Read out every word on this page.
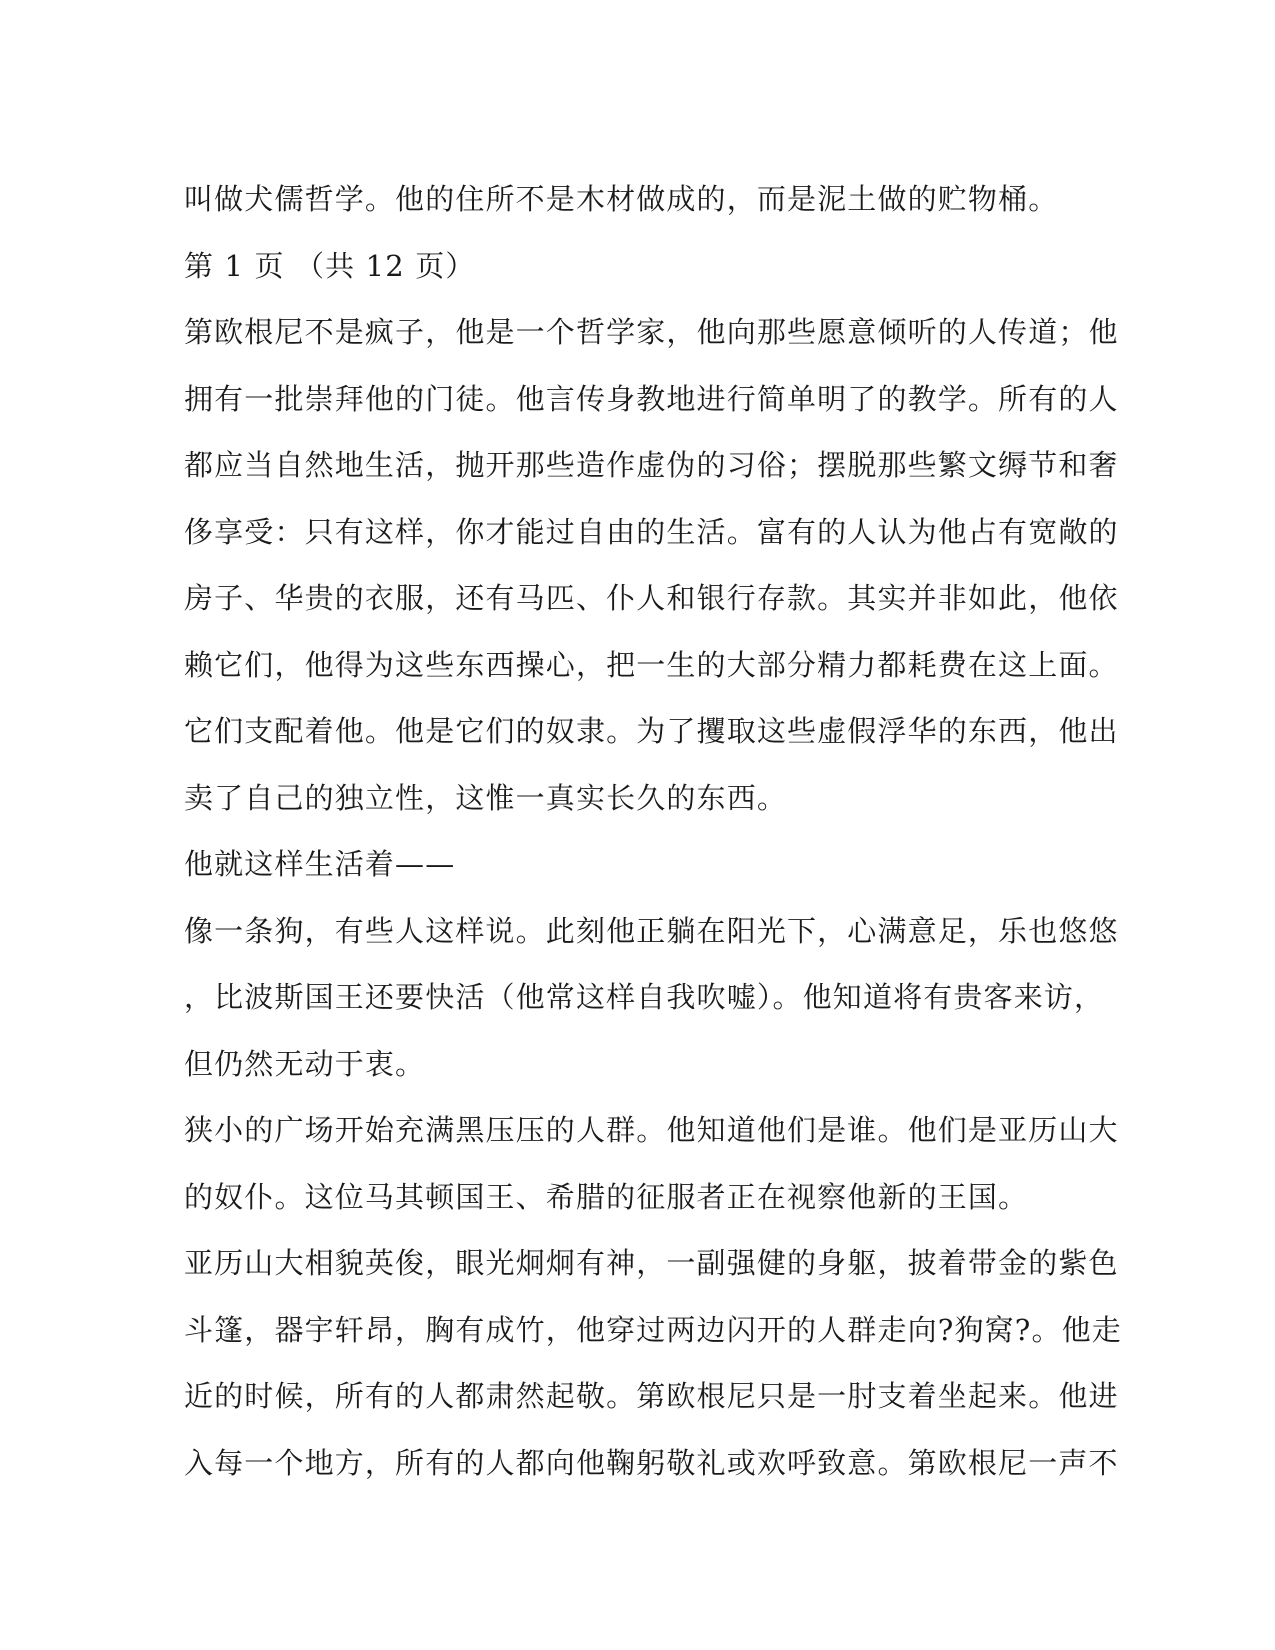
叫做犬儒哲学。他的住所不是木材做成的，而是泥土做的贮物桶。
第 1 页 （共 12 页）
第欧根尼不是疯子，他是一个哲学家，他向那些愿意倾听的人传道；他
拥有一批崇拜他的门徒。他言传身教地进行简单明了的教学。所有的人
都应当自然地生活，抛开那些造作虚伪的习俗；摆脱那些繁文缛节和奢
侈享受：只有这样，你才能过自由的生活。富有的人认为他占有宽敞的
房子、华贵的衣服，还有马匹、仆人和银行存款。其实并非如此，他依
赖它们，他得为这些东西操心，把一生的大部分精力都耗费在这上面。
它们支配着他。他是它们的奴隶。为了攫取这些虚假浮华的东西，他出
卖了自己的独立性，这惟一真实长久的东西。
他就这样生活着——
像一条狗，有些人这样说。此刻他正躺在阳光下，心满意足，乐也悠悠
，比波斯国王还要快活（他常这样自我吹嘘）。他知道将有贵客来访，
但仍然无动于衷。
狭小的广场开始充满黑压压的人群。他知道他们是谁。他们是亚历山大
的奴仆。这位马其顿国王、希腊的征服者正在视察他新的王国。
亚历山大相貌英俊，眼光炯炯有神，一副强健的身躯，披着带金的紫色
斗篷，器宇轩昂，胸有成竹，他穿过两边闪开的人群走向?狗窝?。他走
近的时候，所有的人都肃然起敬。第欧根尼只是一肘支着坐起来。他进
入每一个地方，所有的人都向他鞠躬敬礼或欢呼致意。第欧根尼一声不
